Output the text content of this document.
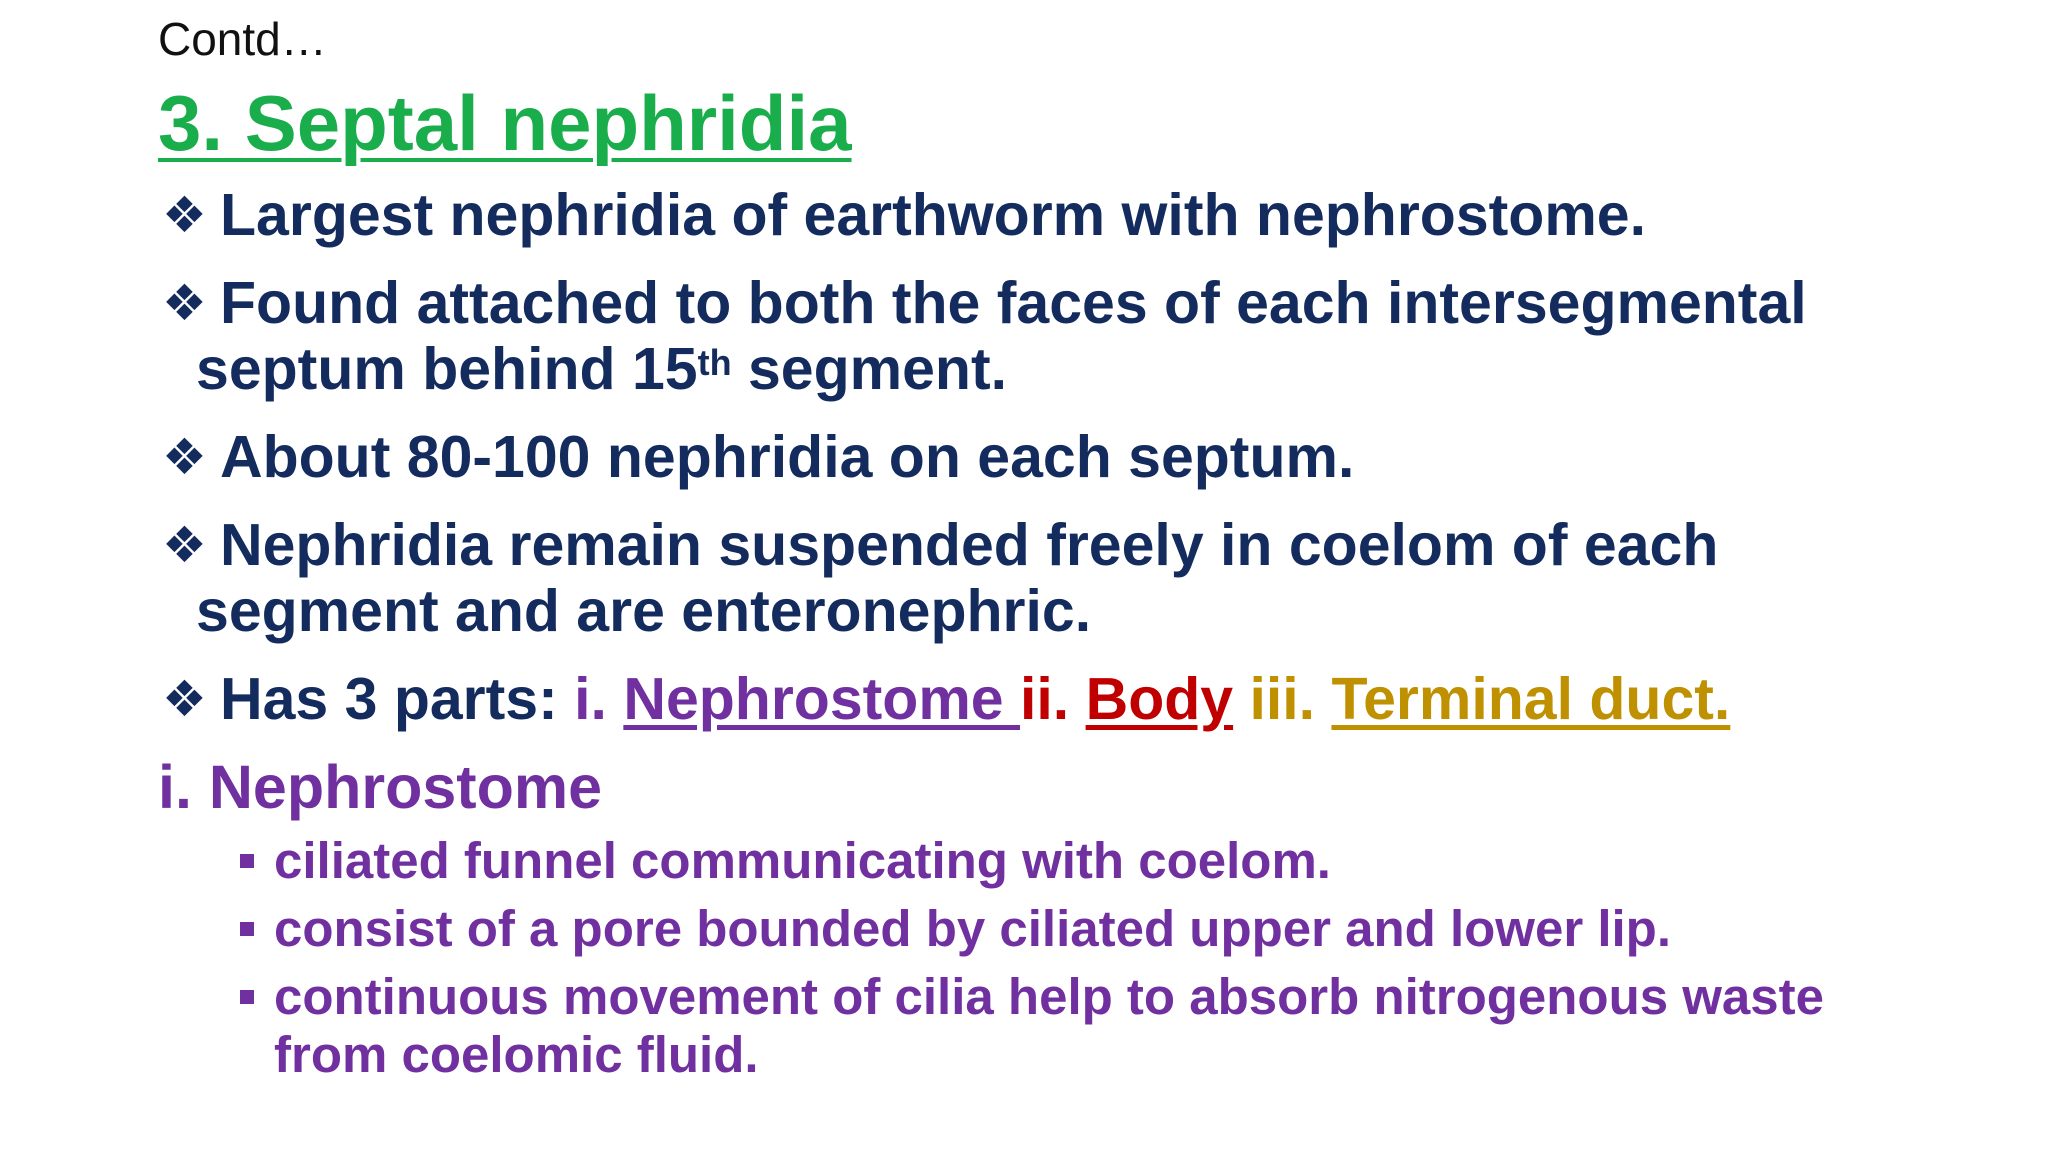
Contd…
3. Septal nephridia
❖ Largest nephridia of earthworm with nephrostome.
❖ Found attached to both the faces of each intersegmental
septum behind 15th segment.
❖ About 80-100 nephridia on each septum.
❖ Nephridia remain suspended freely in coelom of each
segment and are enteronephric.
❖ Has 3 parts: i. Nephrostome ii. Body iii. Terminal duct.
i. Nephrostome
ciliated funnel communicating with coelom.
consist of a pore bounded by ciliated upper and lower lip.
continuous movement of cilia help to absorb nitrogenous waste
from coelomic fluid.
